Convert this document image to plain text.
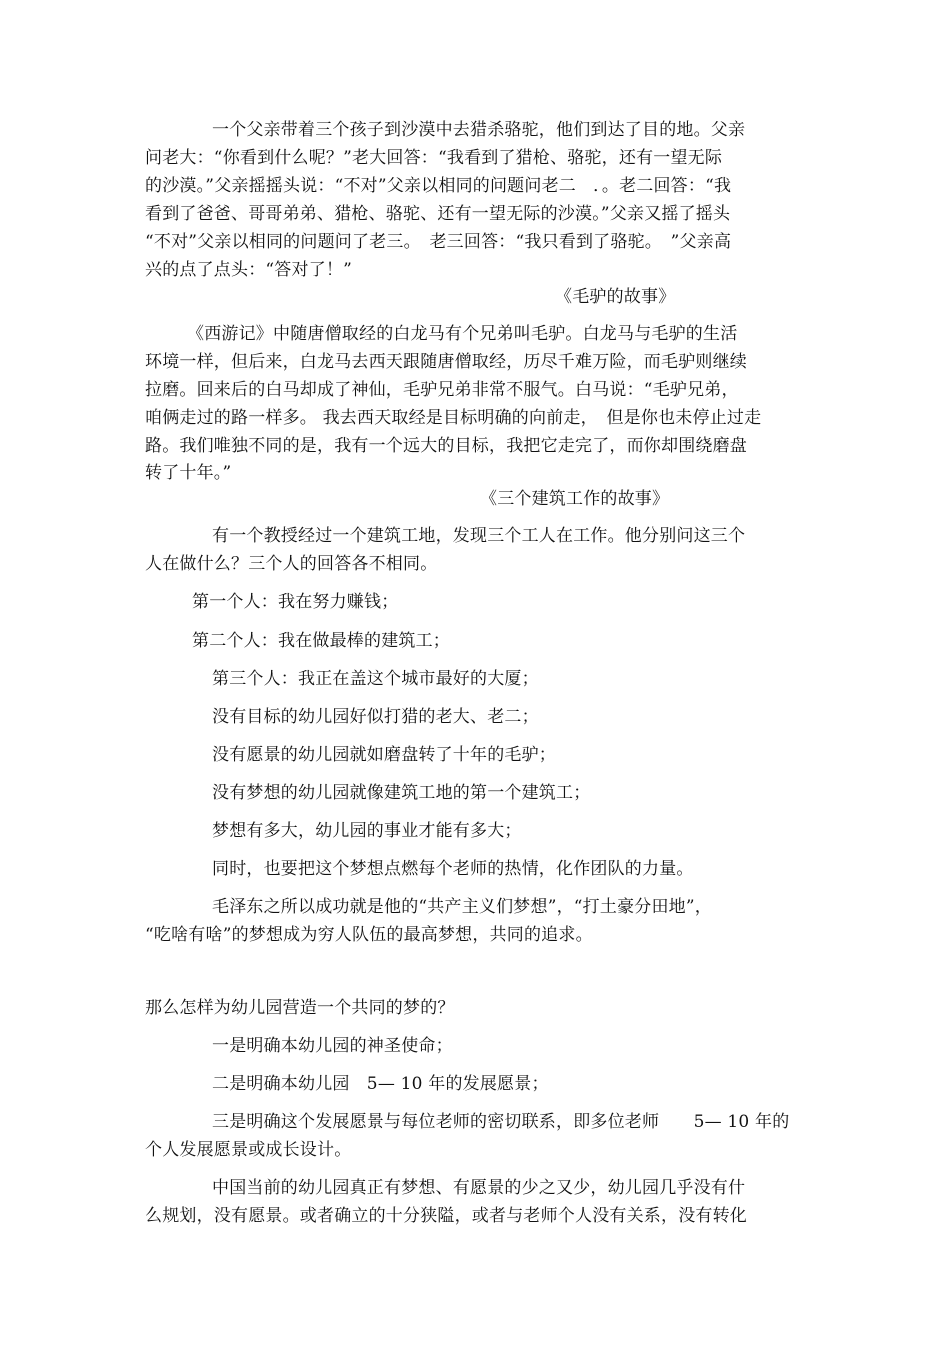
一个父亲带着三个孩子到沙漠中去猎杀骆驼，他们到达了目的地。父亲
问老大：“你看到什么呢？”老大回答：“我看到了猎枪、骆驼，还有一望无际
的沙漠。”父亲摇摇头说：“不对”父亲以相同的问题问老二　．。老二回答：“我
看到了爸爸、哥哥弟弟、猎枪、骆驼、还有一望无际的沙漠。”父亲又摇了摇头
“不对”父亲以相同的问题问了老三。　老三回答：“我只看到了骆驼。　”父亲高
兴的点了点头：“答对了！”
《毛驴的故事》
《西游记》中随唐僧取经的白龙马有个兄弟叫毛驴。白龙马与毛驴的生活
环境一样，但后来，白龙马去西天跟随唐僧取经，历尽千难万险，而毛驴则继续
拉磨。回来后的白马却成了神仙，毛驴兄弟非常不服气。白马说：“毛驴兄弟，
咱俩走过的路一样多。 我去西天取经是目标明确的向前走，　但是你也未停止过走
路。我们唯独不同的是，我有一个远大的目标，我把它走完了，而你却围绕磨盘
转了十年。”
《三个建筑工作的故事》
有一个教授经过一个建筑工地，发现三个工人在工作。他分别问这三个
人在做什么？三个人的回答各不相同。
第一个人：我在努力赚钱；
第二个人：我在做最棒的建筑工；
第三个人：我正在盖这个城市最好的大厦；
没有目标的幼儿园好似打猎的老大、老二；
没有愿景的幼儿园就如磨盘转了十年的毛驴；
没有梦想的幼儿园就像建筑工地的第一个建筑工；
梦想有多大，幼儿园的事业才能有多大；
同时，也要把这个梦想点燃每个老师的热情，化作团队的力量。
毛泽东之所以成功就是他的“共产主义们梦想”，“打土豪分田地”，
“吃啥有啥”的梦想成为穷人队伍的最高梦想，共同的追求。
那么怎样为幼儿园营造一个共同的梦的？
一是明确本幼儿园的神圣使命；
二是明确本幼儿园　5— 10 年的发展愿景；
三是明确这个发展愿景与每位老师的密切联系，即多位老师　　5— 10 年的
个人发展愿景或成长设计。
中国当前的幼儿园真正有梦想、有愿景的少之又少，幼儿园几乎没有什
么规划，没有愿景。或者确立的十分狭隘，或者与老师个人没有关系，没有转化
